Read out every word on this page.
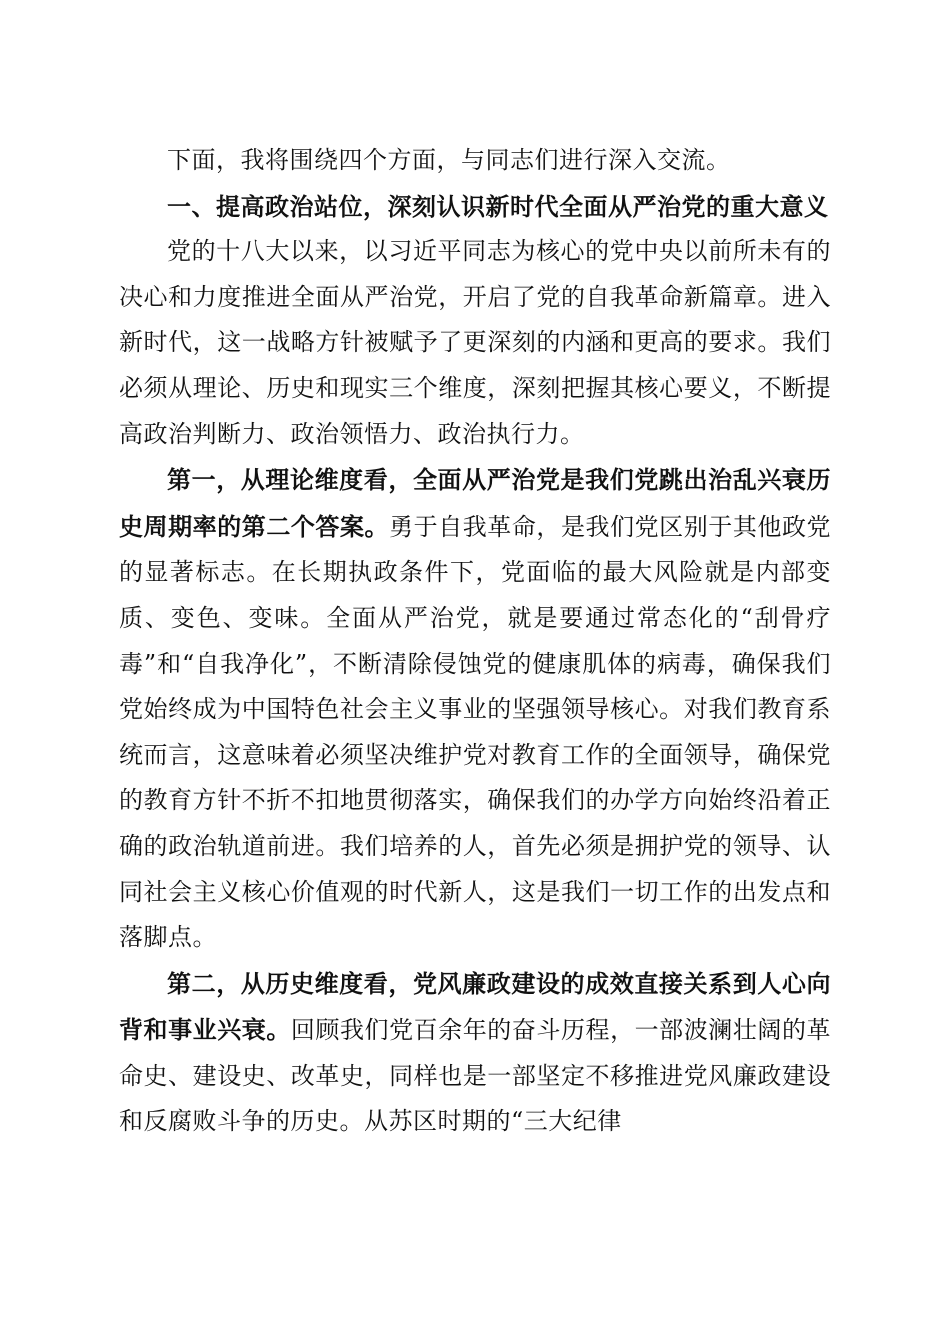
下面，我将围绕四个方面，与同志们进行深入交流。

一、提高政治站位，深刻认识新时代全面从严治党的重大意义

党的十八大以来，以习近平同志为核心的党中央以前所未有的决心和力度推进全面从严治党，开启了党的自我革命新篇章。进入新时代，这一战略方针被赋予了更深刻的内涵和更高的要求。我们必须从理论、历史和现实三个维度，深刻把握其核心要义，不断提高政治判断力、政治领悟力、政治执行力。

第一，从理论维度看，全面从严治党是我们党跳出治乱兴衰历史周期率的第二个答案。勇于自我革命，是我们党区别于其他政党的显著标志。在长期执政条件下，党面临的最大风险就是内部变质、变色、变味。全面从严治党，就是要通过常态化的“刮骨疗毒”和“自我净化”，不断清除侵蚀党的健康肌体的病毒，确保我们党始终成为中国特色社会主义事业的坚强领导核心。对我们教育系统而言，这意味着必须坚决维护党对教育工作的全面领导，确保党的教育方针不折不扣地贯彻落实，确保我们的办学方向始终沿着正确的政治轨道前进。我们培养的人，首先必须是拥护党的领导、认同社会主义核心价值观的时代新人，这是我们一切工作的出发点和落脚点。

第二，从历史维度看，党风廉政建设的成效直接关系到人心向背和事业兴衰。回顾我们党百余年的奋斗历程，一部波澜壮阔的革命史、建设史、改革史，同样也是一部坚定不移推进党风廉政建设和反腐败斗争的历史。从苏区时期的“三大纪律
